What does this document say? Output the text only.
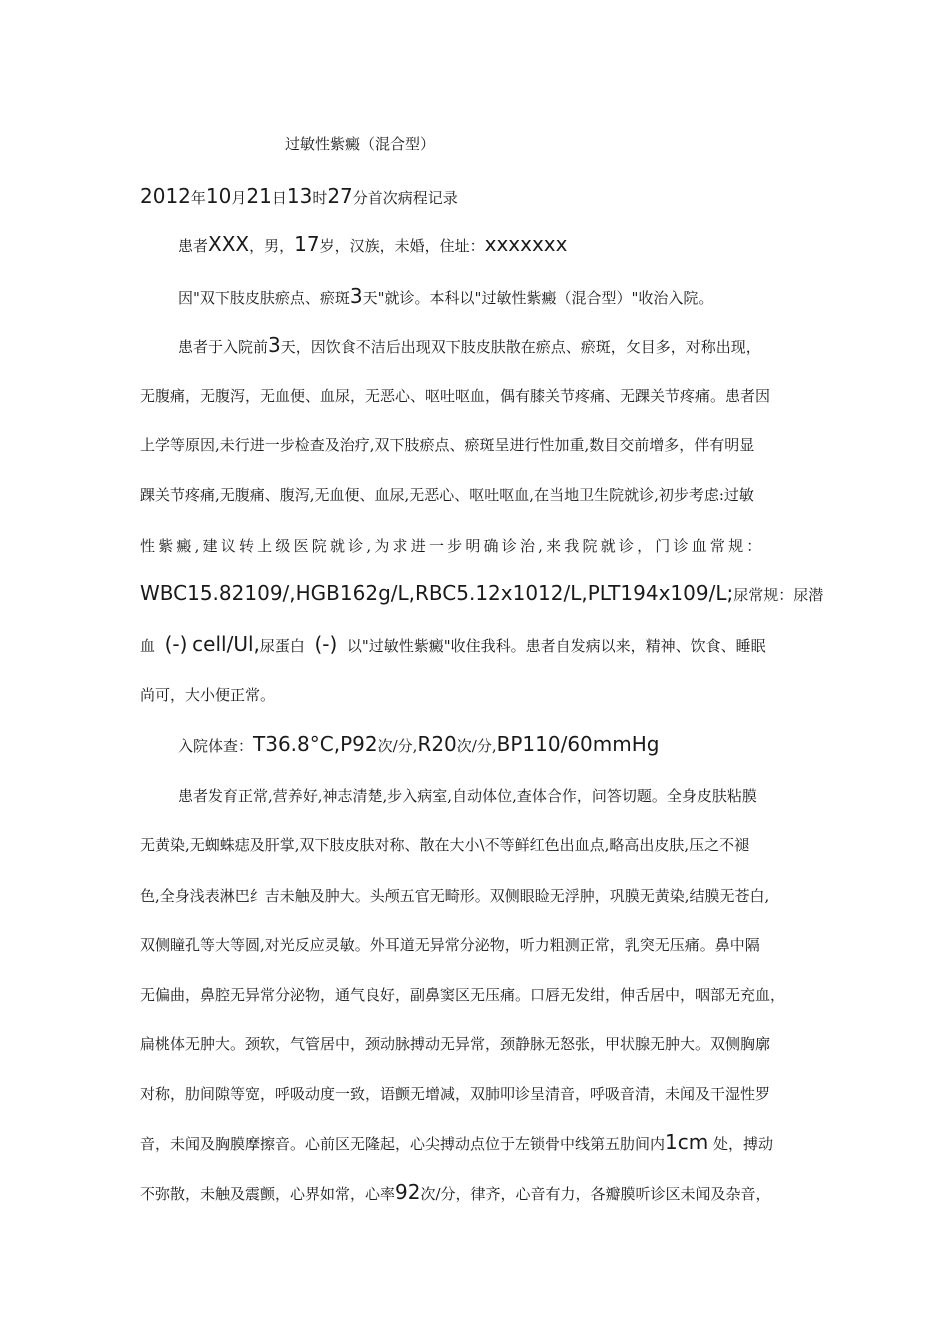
过敏性紫癜（混合型）
2012年10月21日13时27分首次病程记录
患者XXX，男，17岁，汉族，未婚，住址：xxxxxxx
因"双下肢皮肤瘀点、瘀斑3天"就诊。本科以"过敏性紫癜（混合型）"收治入院。
患者于入院前3天，因饮食不洁后出现双下肢皮肤散在瘀点、瘀斑，攵目多，对称出现，
无腹痛，无腹泻，无血便、血尿，无恶心、呕吐呕血，偶有膝关节疼痛、无踝关节疼痛。患者因
上学等原因,未行进一步检查及治疗,双下肢瘀点、瘀斑呈进行性加重,数目交前增多，伴有明显
踝关节疼痛,无腹痛、腹泻,无血便、血尿,无恶心、呕吐呕血,在当地卫生院就诊,初步考虑:过敏
性紫癜,建议转上级医院就诊,为求进一步明确诊治,来我院就诊，门诊血常规：
WBC15.82109/,HGB162g/L,RBC5.12x1012/L,PLT194x109/L;尿常规：尿潜
血 (-) cell/Ul,尿蛋白 (-) 以"过敏性紫癜"收住我科。患者自发病以来，精神、饮食、睡眠
尚可，大小便正常。
入院体查：T36.8°C,P92次/分,R20次/分,BP110/60mmHg
患者发育正常,营养好,神志清楚,步入病室,自动体位,查体合作，问答切题。全身皮肤粘膜
无黄染,无蜘蛛痣及肝掌,双下肢皮肤对称、散在大小\不等鲜红色出血点,略高出皮肤,压之不褪
色,全身浅表淋巴纟吉未触及肿大。头颅五官无畸形。双侧眼睑无浮肿，巩膜无黄染,结膜无苍白,
双侧瞳孔等大等圆,对光反应灵敏。外耳道无异常分泌物，听力粗测正常，乳突无压痛。鼻中隔
无偏曲，鼻腔无异常分泌物，通气良好，副鼻窦区无压痛。口唇无发绀，伸舌居中，咽部无充血，
扁桃体无肿大。颈软，气管居中，颈动脉搏动无异常，颈静脉无怒张，甲状腺无肿大。双侧胸廓
对称，肋间隙等宽，呼吸动度一致，语颤无增减，双肺叩诊呈清音，呼吸音清，未闻及干湿性罗
音，未闻及胸膜摩擦音。心前区无隆起，心尖搏动点位于左锁骨中线第五肋间内1cm 处，搏动
不弥散，未触及震颤，心界如常，心率92次/分，律齐，心音有力，各瓣膜听诊区未闻及杂音，
